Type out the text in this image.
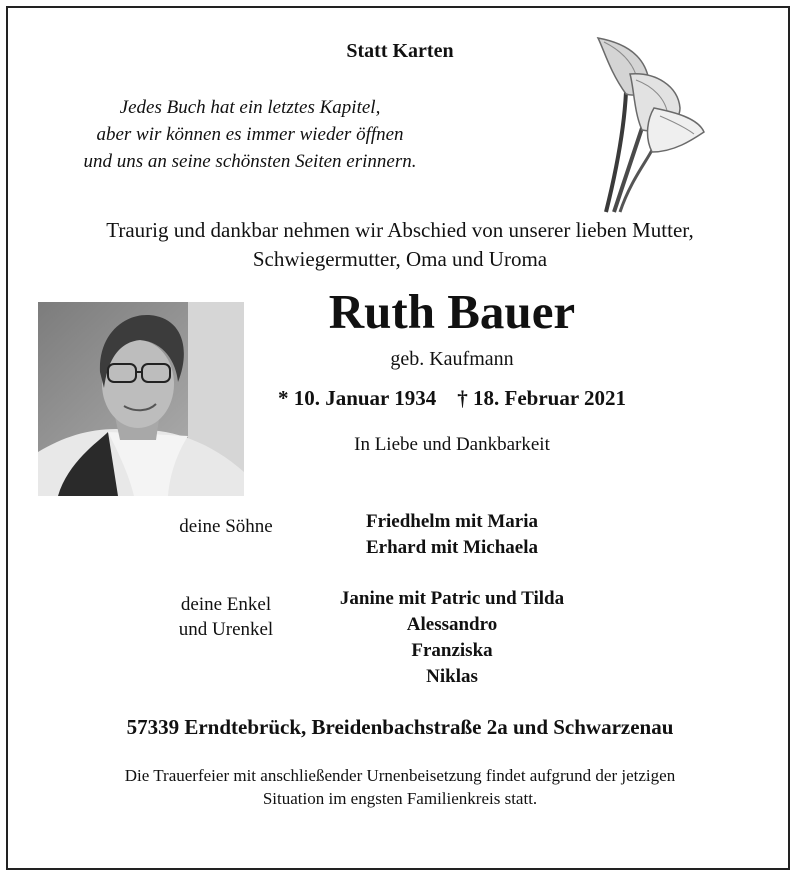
Statt Karten
Jedes Buch hat ein letztes Kapitel,
aber wir können es immer wieder öffnen
und uns an seine schönsten Seiten erinnern.
Traurig und dankbar nehmen wir Abschied von unserer lieben Mutter,
Schwiegermutter, Oma und Uroma
Ruth Bauer
geb. Kaufmann
* 10. Januar 1934 † 18. Februar 2021
In Liebe und Dankbarkeit
deine Söhne	Friedhelm mit Maria
Erhard mit Michaela
deine Enkel
und Urenkel
Janine mit Patric und Tilda
Alessandro
Franziska
Niklas
57339 Erndtebrück, Breidenbachstraße 2a und Schwarzenau
Die Trauerfeier mit anschließender Urnenbeisetzung findet aufgrund der jetzigen
Situation im engsten Familienkreis statt.
